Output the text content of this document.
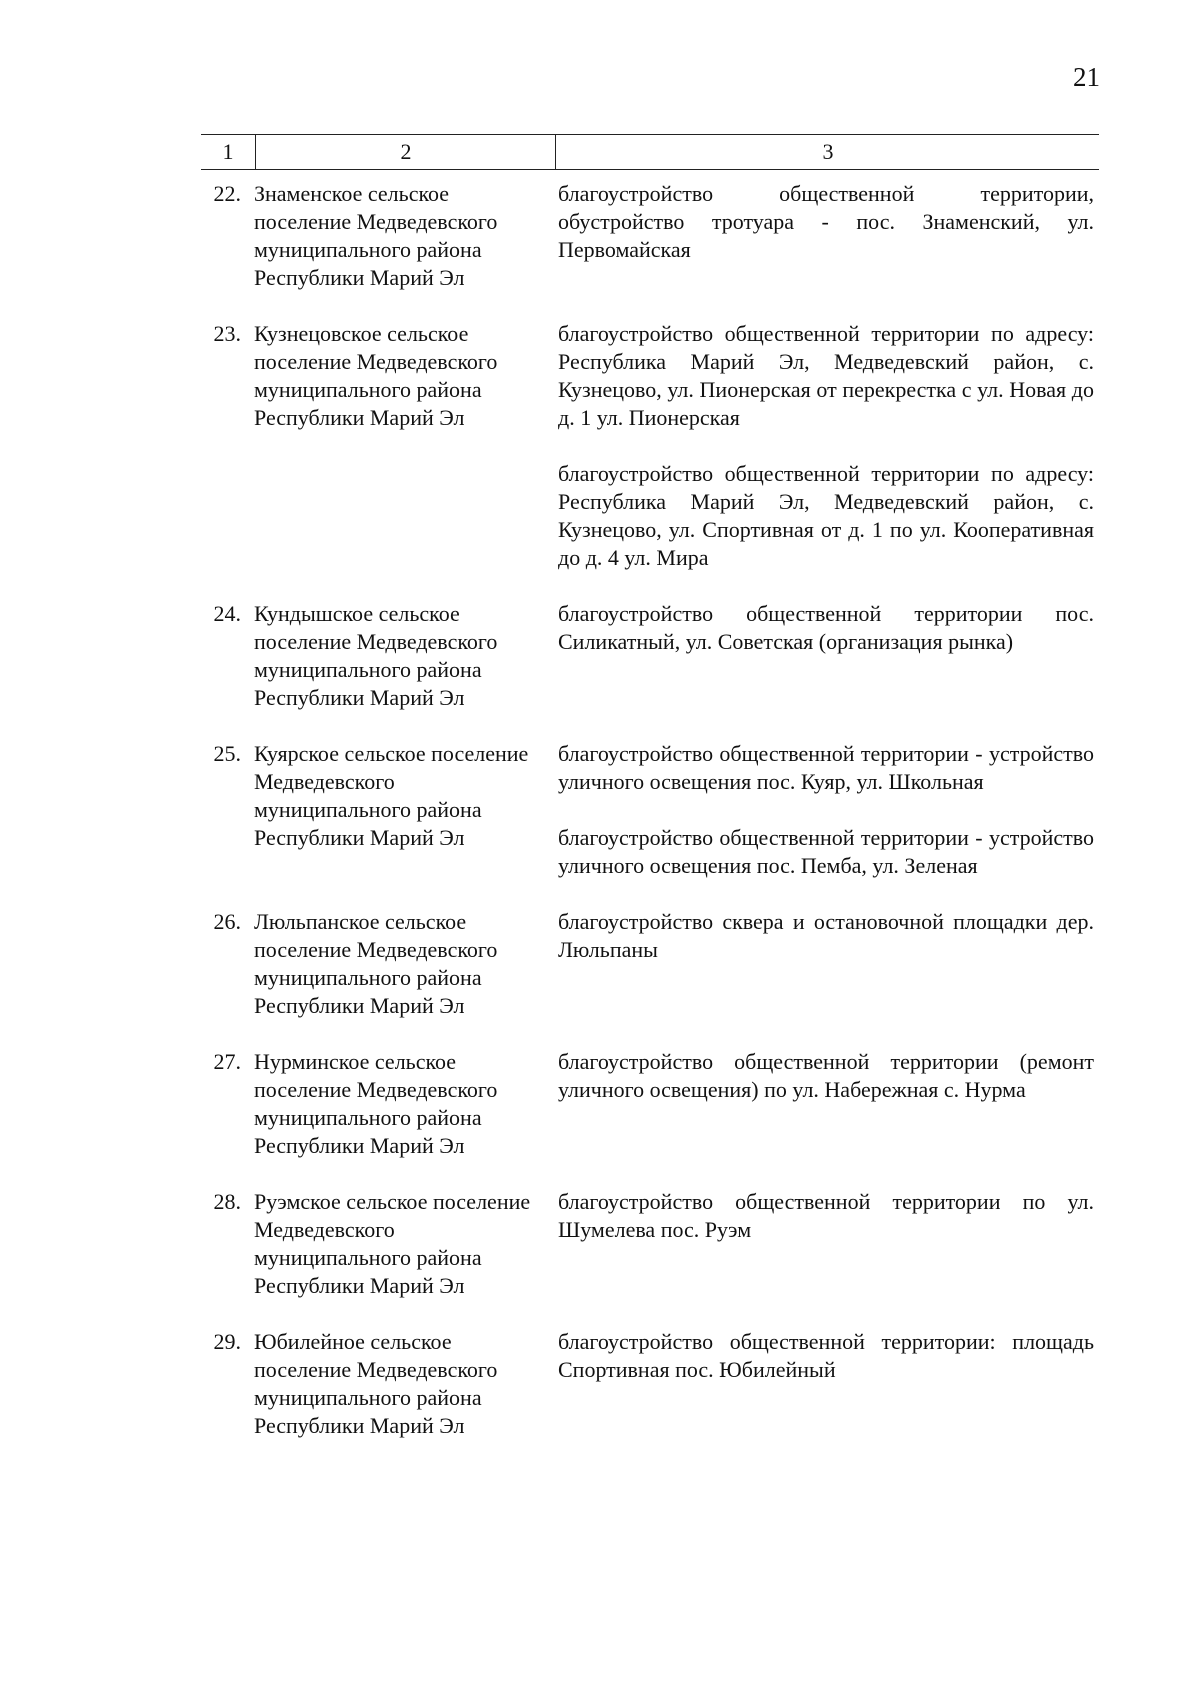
21
1	2	3
22. Знаменское сельское поселение Медведевского муниципального района Республики Марий Эл
благоустройство общественной территории, обустройство тротуара - пос. Знаменский, ул. Первомайская
23. Кузнецовское сельское поселение Медведевского муниципального района Республики Марий Эл
благоустройство общественной территории по адресу: Республика Марий Эл, Медведевский район, с. Кузнецово, ул. Пионерская от перекрестка с ул. Новая до д. 1 ул. Пионерская
благоустройство общественной территории по адресу: Республика Марий Эл, Медведевский район, с. Кузнецово, ул. Спортивная от д. 1 по ул. Кооперативная до д. 4 ул. Мира
24. Кундышское сельское поселение Медведевского муниципального района Республики Марий Эл
благоустройство общественной территории пос. Силикатный, ул. Советская (организация рынка)
25. Куярское сельское поселение Медведевского муниципального района Республики Марий Эл
благоустройство общественной территории - устройство уличного освещения пос. Куяр, ул. Школьная
благоустройство общественной территории - устройство уличного освещения пос. Пемба, ул. Зеленая
26. Люльпанское сельское поселение Медведевского муниципального района Республики Марий Эл
благоустройство сквера и остановочной площадки дер. Люльпаны
27. Нурминское сельское поселение Медведевского муниципального района Республики Марий Эл
благоустройство общественной территории (ремонт уличного освещения) по ул. Набережная с. Нурма
28. Руэмское сельское поселение Медведевского муниципального района Республики Марий Эл
благоустройство общественной территории по ул. Шумелева пос. Руэм
29. Юбилейное сельское поселение Медведевского муниципального района Республики Марий Эл
благоустройство общественной территории: площадь Спортивная пос. Юбилейный
